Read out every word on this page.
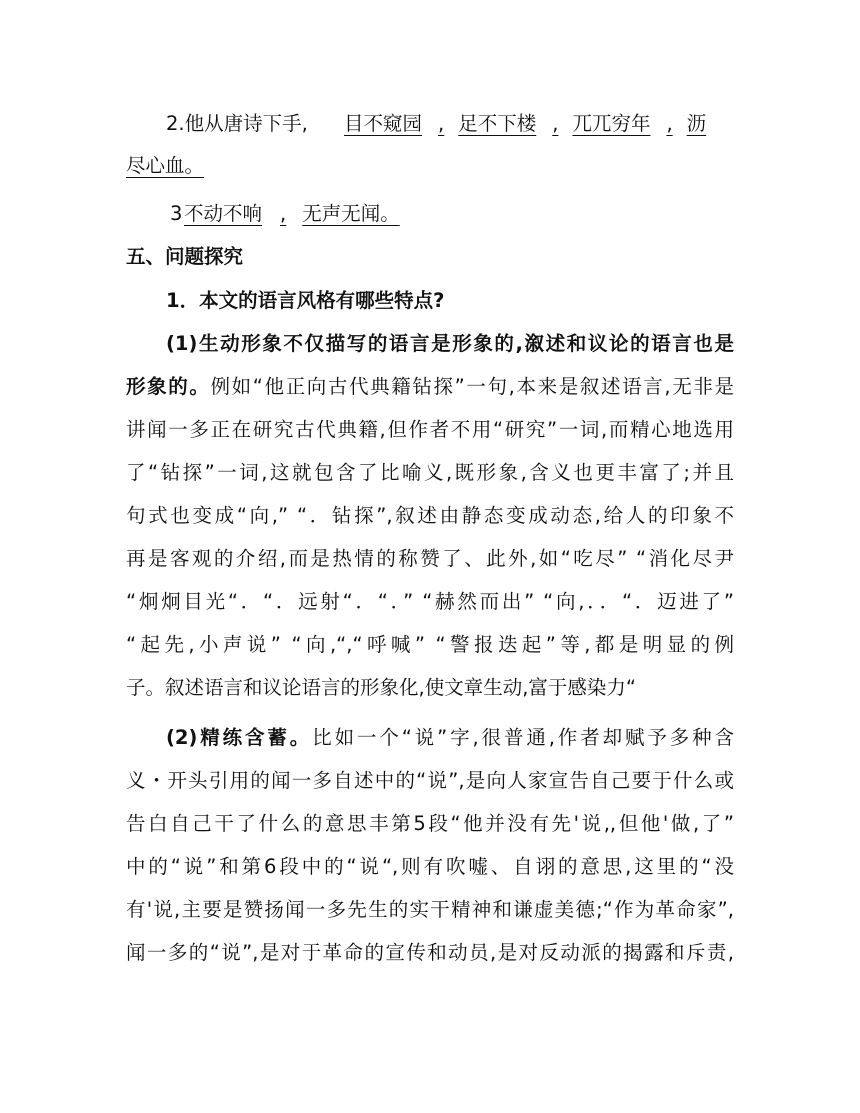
2.他从唐诗下手, 目不窥园 , 足不下楼 , 兀兀穷年 , 沥
尽心血。
3 不动不响 , 无声无闻。
五、问题探究
1．本文的语言风格有哪些特点?
(1)生动形象不仅描写的语言是形象的,溆述和议论的语言也是
形象的。例如“他正向古代典籍钻探”一句,本来是叙述语言,无非是
讲闻一多正在研究古代典籍,但作者不用“研究”一词,而精心地选用
了“钻探”一词,这就包含了比喻义,既形象,含义也更丰富了;并且
句式也变成“向,” “．钻探”,叙述由静态变成动态,给人的印象不
再是客观的介绍,而是热情的称赞了、此外,如“吃尽” “消化尽尹
“炯炯目光“．“．远射“．“．” “赫然而出” “向,．．“．迈进了”
“起先,小声说” “向,“,“呼喊” “警报迭起”等,都是明显的例
子。叙述语言和议论语言的形象化,使文章生动,富于感染力“
(2)精练含蓄。比如一个“说”字,很普通,作者却赋予多种含
义・开头引用的闻一多自述中的“说”,是向人家宣告自己要于什么或
告白自己干了什么的意思丰第5段“他并没有先'说,,但他'做,了”
中的“说”和第6段中的“说“,则有吹嘘、自诩的意思,这里的“没
有'说,主要是赞扬闻一多先生的实干精神和谦虚美德;“作为革命家”,
闻一多的“说”,是对于革命的宣传和动员,是对反动派的揭露和斥责,
